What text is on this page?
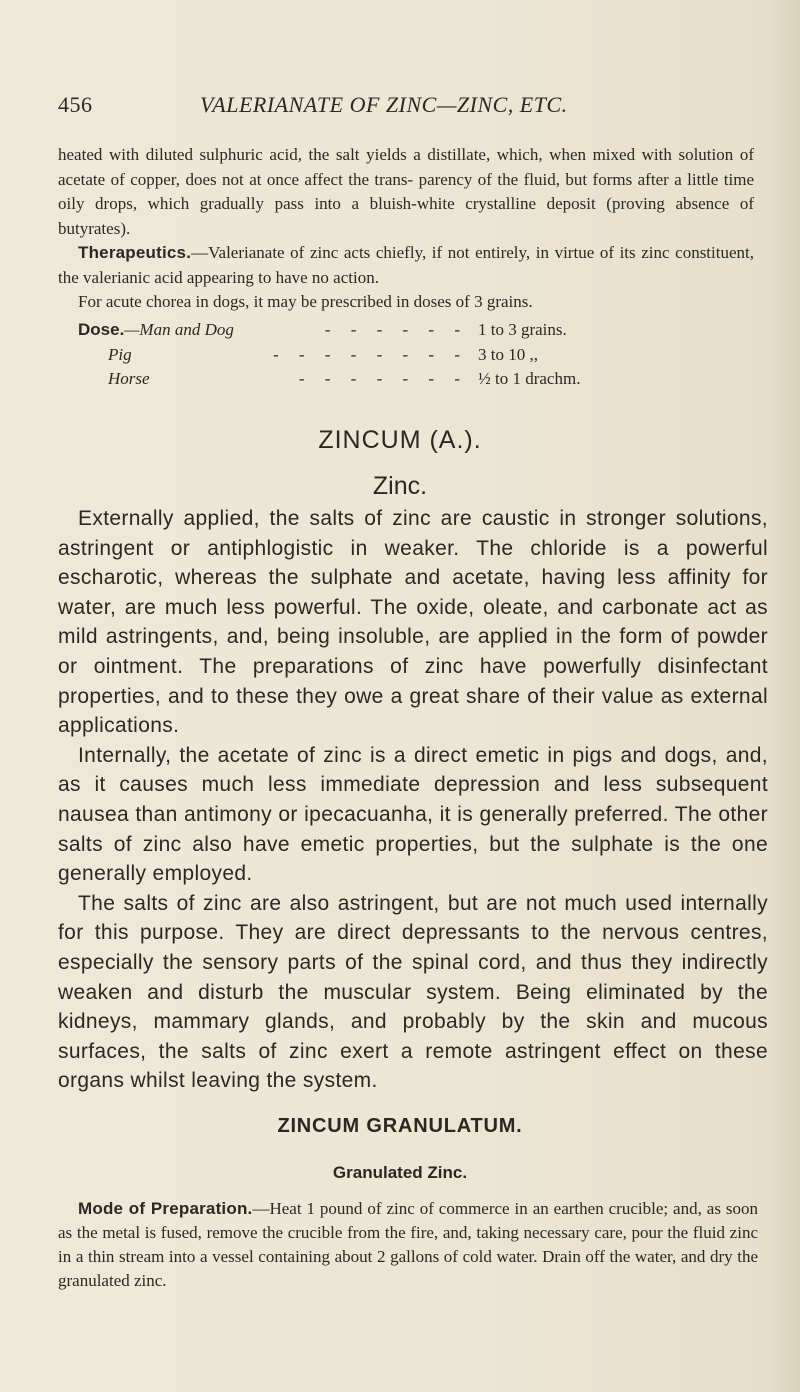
456	VALERIANATE OF ZINC—ZINC, ETC.

heated with diluted sulphuric acid, the salt yields a distillate, which, when mixed with solution of acetate of copper, does not at once affect the trans- parency of the fluid, but forms after a little time oily drops, which gradually pass into a bluish-white crystalline deposit (proving absence of butyrates).

Therapeutics.—Valerianate of zinc acts chiefly, if not entirely, in virtue of its zinc constituent, the valerianic acid appearing to have no action.

For acute chorea in dogs, it may be prescribed in doses of 3 grains.

Dose.—Man and Dog	- - - - - - 1 to 3 grains.
Pig	- - - - - - - - 3 to 10 ,,
Horse	- - - - - - - ½ to 1 drachm.
ZINCUM (A.).
Zinc.

Externally applied, the salts of zinc are caustic in stronger solutions, astringent or antiphlogistic in weaker. The chloride is a powerful escharotic, whereas the sulphate and acetate, having less affinity for water, are much less powerful. The oxide, oleate, and carbonate act as mild astringents, and, being insoluble, are applied in the form of powder or ointment. The preparations of zinc have powerfully disinfectant properties, and to these they owe a great share of their value as external applications.

Internally, the acetate of zinc is a direct emetic in pigs and dogs, and, as it causes much less immediate depression and less subsequent nausea than antimony or ipecacuanha, it is generally preferred. The other salts of zinc also have emetic properties, but the sulphate is the one generally employed.

The salts of zinc are also astringent, but are not much used internally for this purpose. They are direct depressants to the nervous centres, especially the sensory parts of the spinal cord, and thus they indirectly weaken and disturb the muscular system. Being eliminated by the kidneys, mammary glands, and probably by the skin and mucous surfaces, the salts of zinc exert a remote astringent effect on these organs whilst leaving the system.

ZINCUM GRANULATUM.
Granulated Zinc.

Mode of Preparation.—Heat 1 pound of zinc of commerce in an earthen crucible; and, as soon as the metal is fused, remove the crucible from the fire, and, taking necessary care, pour the fluid zinc in a thin stream into a vessel containing about 2 gallons of cold water. Drain off the water, and dry the granulated zinc.
